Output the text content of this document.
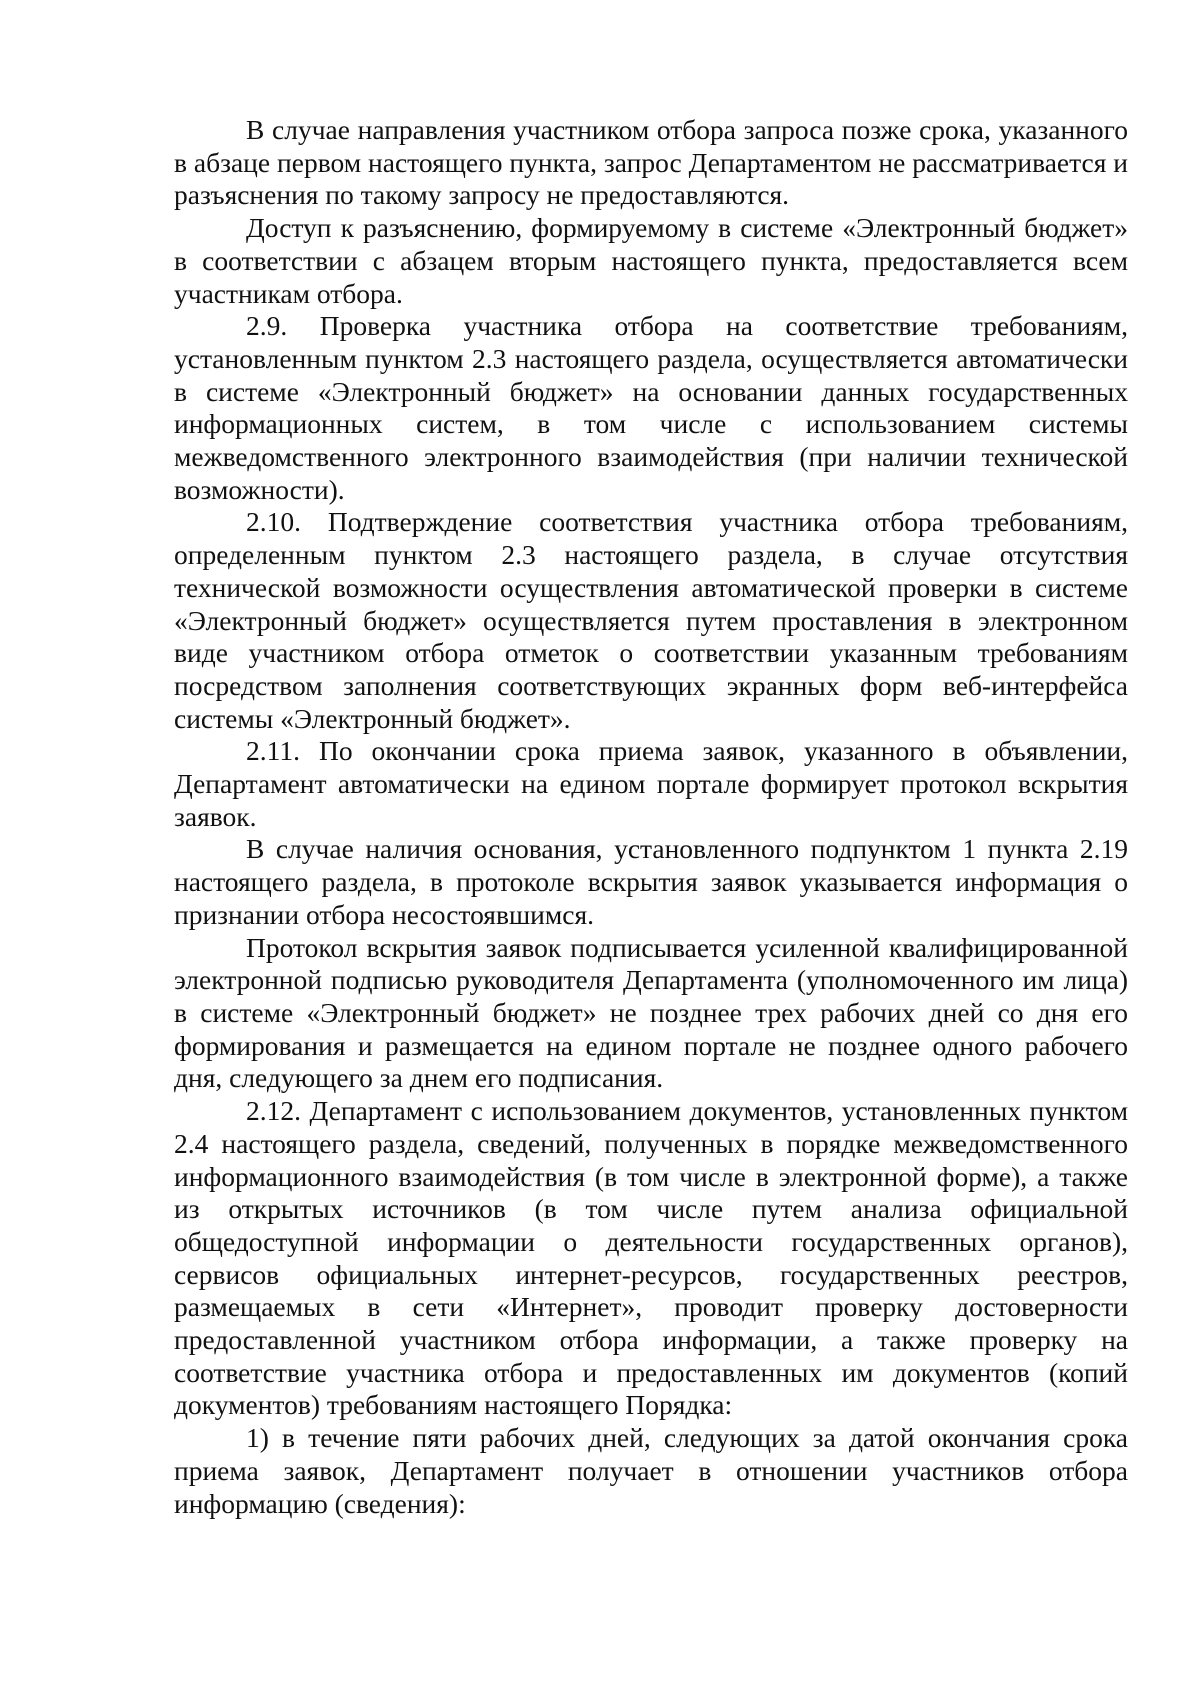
В случае направления участником отбора запроса позже срока, указанного в абзаце первом настоящего пункта, запрос Департаментом не рассматривается и разъяснения по такому запросу не предоставляются.

Доступ к разъяснению, формируемому в системе «Электронный бюджет» в соответствии с абзацем вторым настоящего пункта, предоставляется всем участникам отбора.

2.9. Проверка участника отбора на соответствие требованиям, установленным пунктом 2.3 настоящего раздела, осуществляется автоматически в системе «Электронный бюджет» на основании данных государственных информационных систем, в том числе с использованием системы межведомственного электронного взаимодействия (при наличии технической возможности).

2.10. Подтверждение соответствия участника отбора требованиям, определенным пунктом 2.3 настоящего раздела, в случае отсутствия технической возможности осуществления автоматической проверки в системе «Электронный бюджет» осуществляется путем проставления в электронном виде участником отбора отметок о соответствии указанным требованиям посредством заполнения соответствующих экранных форм веб-интерфейса системы «Электронный бюджет».

2.11. По окончании срока приема заявок, указанного в объявлении, Департамент автоматически на едином портале формирует протокол вскрытия заявок.

В случае наличия основания, установленного подпунктом 1 пункта 2.19 настоящего раздела, в протоколе вскрытия заявок указывается информация о признании отбора несостоявшимся.

Протокол вскрытия заявок подписывается усиленной квалифицированной электронной подписью руководителя Департамента (уполномоченного им лица) в системе «Электронный бюджет» не позднее трех рабочих дней со дня его формирования и размещается на едином портале не позднее одного рабочего дня, следующего за днем его подписания.

2.12. Департамент с использованием документов, установленных пунктом 2.4 настоящего раздела, сведений, полученных в порядке межведомственного информационного взаимодействия (в том числе в электронной форме), а также из открытых источников (в том числе путем анализа официальной общедоступной информации о деятельности государственных органов), сервисов официальных интернет-ресурсов, государственных реестров, размещаемых в сети «Интернет», проводит проверку достоверности предоставленной участником отбора информации, а также проверку на соответствие участника отбора и предоставленных им документов (копий документов) требованиям настоящего Порядка:

1) в течение пяти рабочих дней, следующих за датой окончания срока приема заявок, Департамент получает в отношении участников отбора информацию (сведения):
